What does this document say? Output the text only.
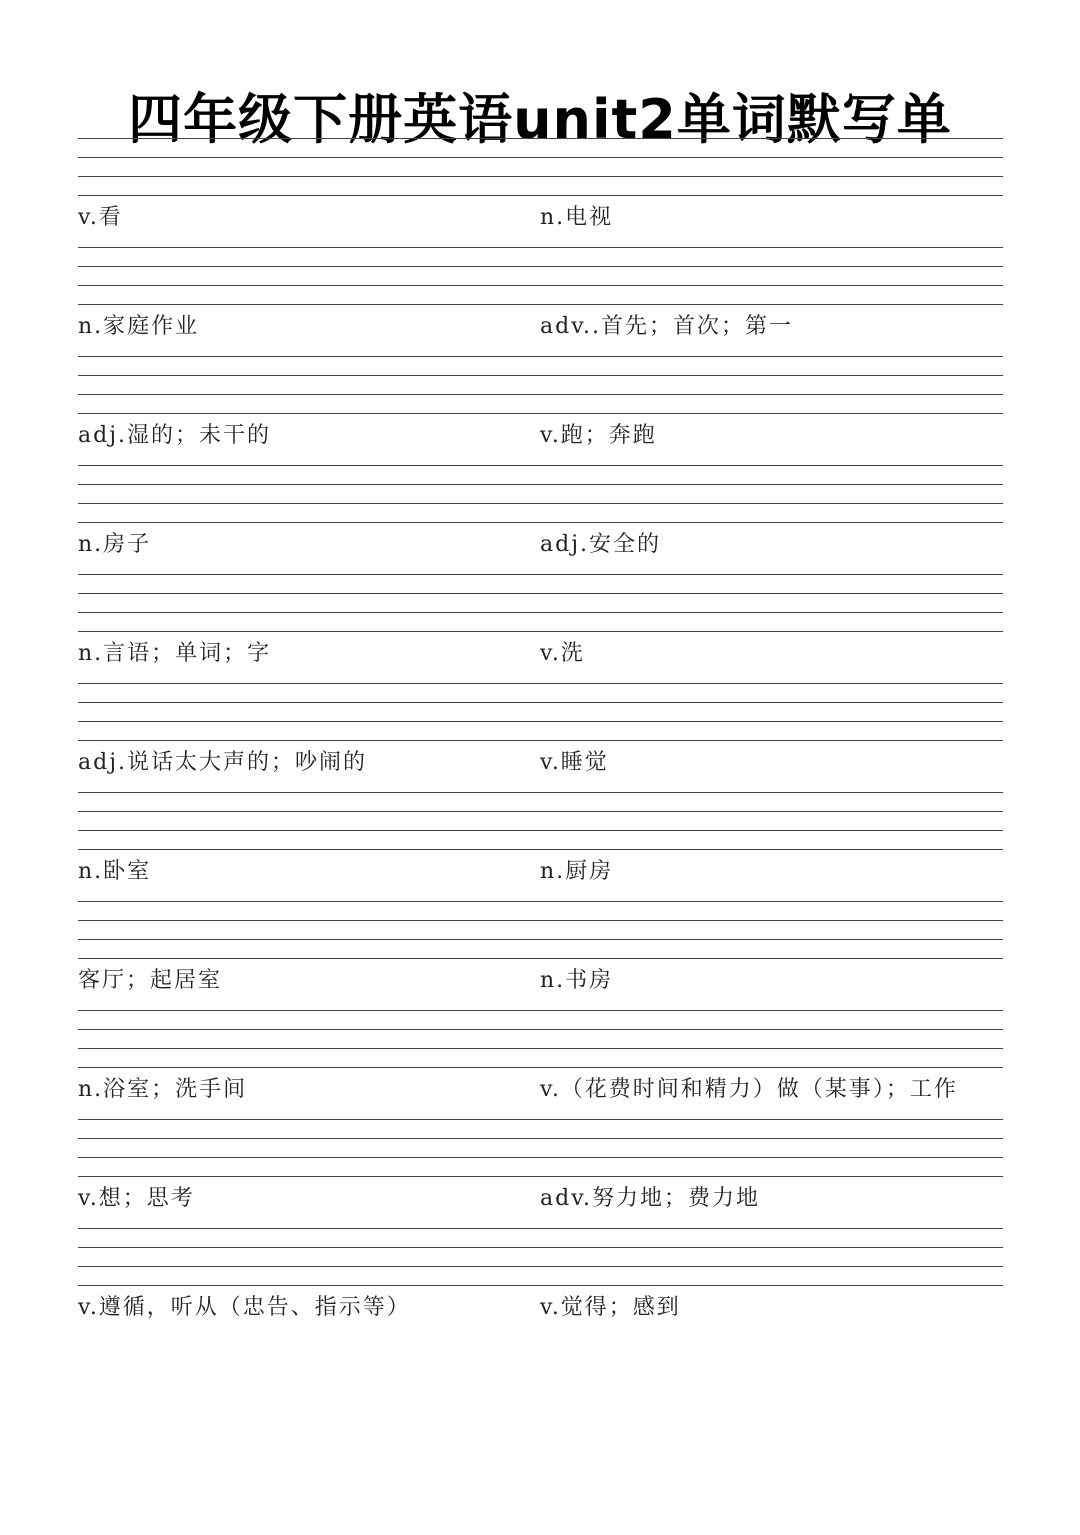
四年级下册英语unit2单词默写单
v.看	n.电视
n.家庭作业	adv..首先；首次；第一
adj.湿的；未干的	v.跑；奔跑
n.房子	adj.安全的
n.言语；单词；字	v.洗
adj.说话太大声的；吵闹的	v.睡觉
n.卧室	n.厨房
客厅；起居室	n.书房
n.浴室；洗手间	v.（花费时间和精力）做（某事）；工作
v.想；思考	adv.努力地；费力地
v.遵循，听从（忠告、指示等）	v.觉得；感到
